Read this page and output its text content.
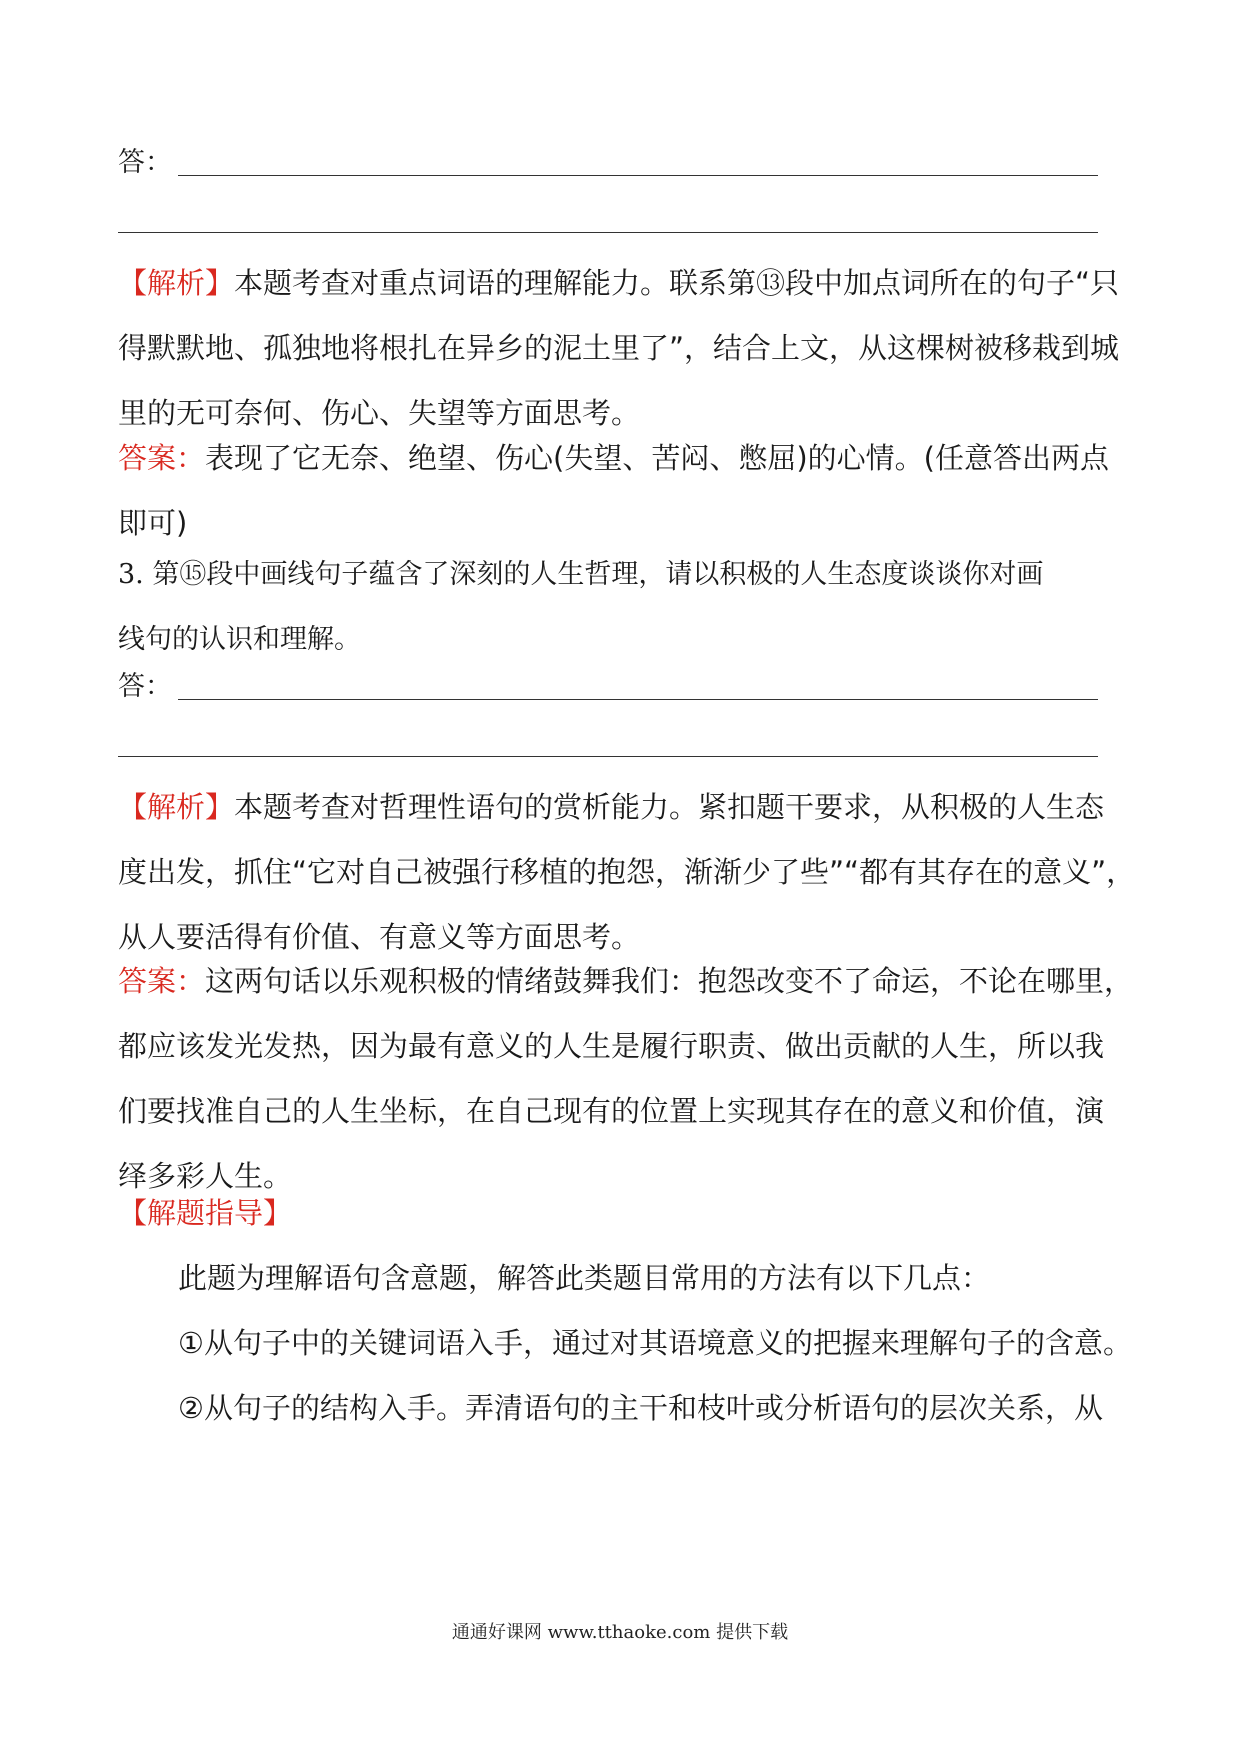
答：
【解析】本题考查对重点词语的理解能力。联系第⑬段中加点词所在的句子“只
得默默地、孤独地将根扎在异乡的泥土里了”，结合上文，从这棵树被移栽到城
里的无可奈何、伤心、失望等方面思考。
答案：表现了它无奈、绝望、伤心(失望、苦闷、憋屈)的心情。(任意答出两点
即可)
3. 第⑮段中画线句子蕴含了深刻的人生哲理，请以积极的人生态度谈谈你对画
线句的认识和理解。
答：
【解析】本题考查对哲理性语句的赏析能力。紧扣题干要求，从积极的人生态
度出发，抓住“它对自己被强行移植的抱怨，渐渐少了些”“都有其存在的意义”，
从人要活得有价值、有意义等方面思考。
答案：这两句话以乐观积极的情绪鼓舞我们：抱怨改变不了命运，不论在哪里，
都应该发光发热，因为最有意义的人生是履行职责、做出贡献的人生，所以我
们要找准自己的人生坐标，在自己现有的位置上实现其存在的意义和价值，演
绎多彩人生。
【解题指导】
此题为理解语句含意题，解答此类题目常用的方法有以下几点：
①从句子中的关键词语入手，通过对其语境意义的把握来理解句子的含意。
②从句子的结构入手。弄清语句的主干和枝叶或分析语句的层次关系，从
通通好课网 www.tthaoke.com 提供下载
